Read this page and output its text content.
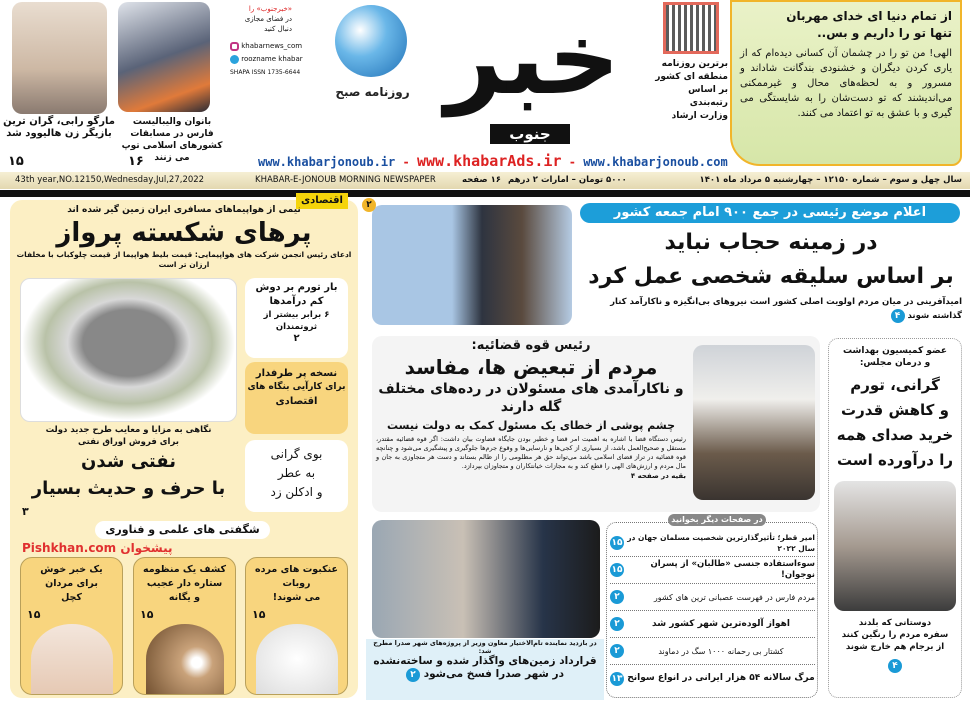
مارگو رابی، گران ترین بازیگر زن هالیوود شد
۱۵
بانوان والیبالیست فارس در مسابقات کشورهای اسلامی توپ می زنند
۱۶
«خبرجنوب» را
در فضای مجازی
دنبال کنید
khabarnews_com
roozname khabar
SHAPA ISSN 1735-6644
روزنامه صبح خبر
جنوب
www.khabarjonoub.ir - www.khabarAds.ir - www.khabarjonoub.com
برترین روزنامه
منطقه ای کشور
بر اساس
رتبه‌بندی
وزارت ارشاد
از تمام دنیا ای خدای مهربان
تنها تو را داریم و بس..
الهی! من تو را در چشمان آن کسانی دیده‌ام که از یاری کردن دیگران و خشنودی بندگانت شاد‌اند و مسرور و به لحظه‌های محال و غیرممکنی می‌اندیشند که تو دست‌شان را به شایستگی می گیری و با عشق به تو اعتماد می کنند.
43th year,NO.12150,Wednesday,Jul,27,2022	KHABAR-E-JONOUB MORNING NEWSPAPER	۱۶ صفحه ۵۰۰۰ تومان – امارات ۲ درهم	سال چهل و سوم – شماره ۱۲۱۵۰ – چهارشنبه ۵ مرداد ماه ۱۴۰۱
اعلام موضع رئیسی در جمع ۹۰۰ امام جمعه کشور
در زمینه حجاب نباید
بر اساس سلیقه شخصی عمل کرد
امیدآفرینی در میان مردم اولویت اصلی کشور است‌ نیروهای بی‌انگیزه و ناکارآمد کنار گذاشته شوند ۴
رئیس قوه قضائیه:
مردم از تبعیض ها، مفاسد
و ناکارآمدی های مسئولان در رده‌های مختلف گله دارند
چشم پوشی از خطای یک مسئول کمک به دولت نیست
رئیس دستگاه قضا با اشاره به اهمیت امر قضا و خطیر بودن جایگاه قضاوت بیان داشت: اگر قوه قضائیه مقتدر، مستقل و صحیح‌العمل باشد، از بسیاری از کجی‌ها و نارسایی‌ها و وقوع جرم‌ها جلوگیری و پیشگیری می‌شود و چنانچه قوه قضائیه در تراز قضای اسلامی باشد می‌تواند حق هر مظلومی را از ظالم بستاند و دست هر متجاوزی به جان و مال مردم و ارزش‌های الهی را قطع کند و به مجازات خیانتکاران و متجاوزان بپردازد.
بقیه در صفحه ۴
عضو کمیسیون بهداشت
و درمان مجلس:
گرانی، تورم
و کاهش قدرت
خرید صدای همه
را درآورده است
دوستانی که بلدند
سفره مردم را رنگین کنند
از برجام هم خارج شوند
۴
اقتصادی	۲
نیمی از هواپیماهای مسافری ایران زمین گیر شده اند
پرهای شکسته پرواز
ادعای رئیس انجمن شرکت های هواپیمایی: قیمت بلیط هواپیما از قیمت چلوکباب با مخلفات ارزان تر است
بار تورم بر دوش
کم درآمدها
۶ برابر بیشتر از ثروتمندان
۲
نسخه پر طرفدار
برای کارآیی بنگاه های
اقتصادی
بوی گرانی
به عطر
و ادکلن زد
نگاهی به مزایا و معایب طرح جدید دولت
برای فروش اوراق نفتی
نفتی شدن
با حرف و حدیث بسیار
۳
شگفتی های علمی و فناوری
پیشخوان Pishkhan.com
عنکبوت های مرده
روبات
می شوند!
۱۵
کشف یک منظومه
ستاره دار عجیب
و یگانه
۱۵
یک خبر خوش
برای مردان
کچل
۱۵
در بازدید نماینده تام‌الاختیار معاون وزیر از پروژه‌های شهر صدرا مطرح شد:
قرارداد زمین‌های واگذار شده و ساخته‌نشده
در شهر صدرا فسخ می‌شود ۲
در صفحات دیگر بخوانید
امیر قطر؛ تأثیرگذارترین شخصیت مسلمان جهان در سال ۲۰۲۲
۱۵
سوءاستفاده جنسی «طالبان» از پسران نوجوان!
۱۵
مردم فارس در فهرست عصبانی ترین های کشور
۲
اهواز آلوده‌ترین شهر کشور شد
۲
کشتار بی رحمانه ۱۰۰۰ سگ در دماوند
۲
مرگ سالانه ۵۴ هزار ایرانی در انواع سوانح
۱۳
